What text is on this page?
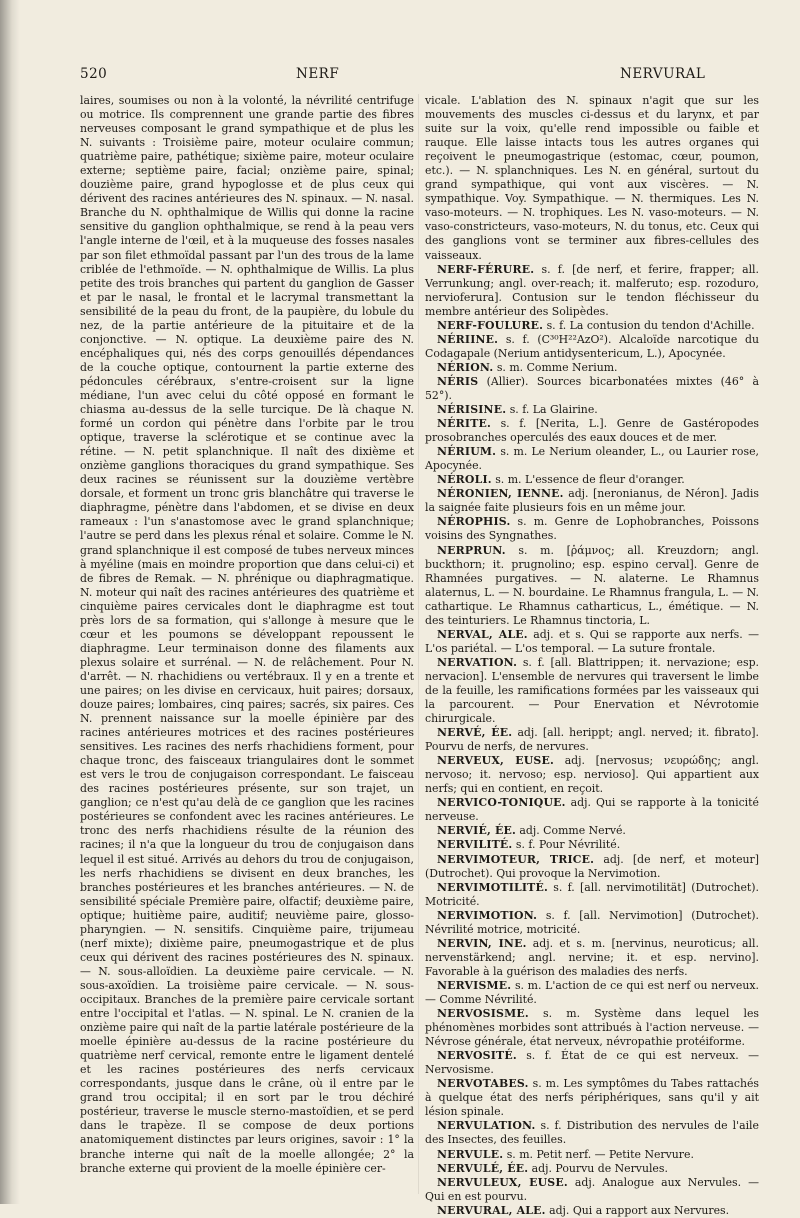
520	NERF	NERVURAL

laires, soumises ou non à la volonté, la névrilité centrifuge ou motrice. Ils comprennent une grande partie des fibres nerveuses composant le grand sympathique et de plus les N. suivants : Troisième paire, moteur oculaire commun; quatrième paire, pathétique; sixième paire, moteur oculaire externe; septième paire, facial; onzième paire, spinal; douzième paire, grand hypoglosse et de plus ceux qui dérivent des racines antérieures des N. spinaux. — N. nasal. Branche du N. ophthalmique de Willis qui donne la racine sensitive du ganglion ophthalmique, se rend à la peau vers l'angle interne de l'œil, et à la muqueuse des fosses nasales par son filet ethmoïdal passant par l'un des trous de la lame criblée de l'ethmoïde. — N. ophthalmique de Willis. La plus petite des trois branches qui partent du ganglion de Gasser et par le nasal, le frontal et le lacrymal transmettant la sensibilité de la peau du front, de la paupière, du lobule du nez, de la partie antérieure de la pituitaire et de la conjonctive. — N. optique. La deuxième paire des N. encéphaliques qui, nés des corps genouillés dépendances de la couche optique, contournent la partie externe des pédoncules cérébraux, s'entre-croisent sur la ligne médiane, l'un avec celui du côté opposé en formant le chiasma au-dessus de la selle turcique. De là chaque N. formé un cordon qui pénètre dans l'orbite par le trou optique, traverse la sclérotique et se continue avec la rétine. — N. petit splanchnique. Il naît des dixième et onzième ganglions thoraciques du grand sympathique. Ses deux racines se réunissent sur la douzième vertèbre dorsale, et forment un tronc gris blanchâtre qui traverse le diaphragme, pénètre dans l'abdomen, et se divise en deux rameaux : l'un s'anastomose avec le grand splanchnique; l'autre se perd dans les plexus rénal et solaire. Comme le N. grand splanchnique il est composé de tubes nerveux minces à myéline (mais en moindre proportion que dans celui-ci) et de fibres de Remak. — N. phrénique ou diaphragmatique. N. moteur qui naît des racines antérieures des quatrième et cinquième paires cervicales dont le diaphragme est tout près lors de sa formation, qui s'allonge à mesure que le cœur et les poumons se développant repoussent le diaphragme. Leur terminaison donne des filaments aux plexus solaire et surrénal. — N. de relâchement. Pour N. d'arrêt. — N. rhachidiens ou vertébraux. Il y en a trente et une paires; on les divise en cervicaux, huit paires; dorsaux, douze paires; lombaires, cinq paires; sacrés, six paires. Ces N. prennent naissance sur la moelle épinière par des racines antérieures motrices et des racines postérieures sensitives. Les racines des nerfs rhachidiens forment, pour chaque tronc, des faisceaux triangulaires dont le sommet est vers le trou de conjugaison correspondant. Le faisceau des racines postérieures présente, sur son trajet, un ganglion; ce n'est qu'au delà de ce ganglion que les racines postérieures se confondent avec les racines antérieures. Le tronc des nerfs rhachidiens résulte de la réunion des racines; il n'a que la longueur du trou de conjugaison dans lequel il est situé. Arrivés au dehors du trou de conjugaison, les nerfs rhachidiens se divisent en deux branches, les branches postérieures et les branches antérieures. — N. de sensibilité spéciale Première paire, olfactif; deuxième paire, optique; huitième paire, auditif; neuvième paire, glosso-pharyngien. — N. sensitifs. Cinquième paire, trijumeau (nerf mixte); dixième paire, pneumogastrique et de plus ceux qui dérivent des racines postérieures des N. spinaux. — N. sous-alloïdien. La deuxième paire cervicale. — N. sous-axoïdien. La troisième paire cervicale. — N. sous-occipitaux. Branches de la première paire cervicale sortant entre l'occipital et l'atlas. — N. spinal. Le N. cranien de la onzième paire qui naît de la partie latérale postérieure de la moelle épinière au-dessus de la racine postérieure du quatrième nerf cervical, remonte entre le ligament dentelé et les racines postérieures des nerfs cervicaux correspondants, jusque dans le crâne, où il entre par le grand trou occipital; il en sort par le trou déchiré postérieur, traverse le muscle sterno-mastoïdien, et se perd dans le trapèze. Il se compose de deux portions anatomiquement distinctes par leurs origines, savoir : 1° la branche interne qui naît de la moelle allongée; 2° la branche externe qui provient de la moelle épinière cer-

vicale. L'ablation des N. spinaux n'agit que sur les mouvements des muscles ci-dessus et du larynx, et par suite sur la voix, qu'elle rend impossible ou faible et rauque. Elle laisse intacts tous les autres organes qui reçoivent le pneumogastrique (estomac, cœur, poumon, etc.). — N. splanchniques. Les N. en général, surtout du grand sympathique, qui vont aux viscères. — N. sympathique. Voy. Sympathique. — N. thermiques. Les N. vaso-moteurs. — N. trophiques. Les N. vaso-moteurs. — N. vaso-constricteurs, vaso-moteurs, N. du tonus, etc. Ceux qui des ganglions vont se terminer aux fibres-cellules des vaisseaux.

NERF-FÉRURE. s. f. [de nerf, et ferire, frapper; all. Verrunkung; angl. over-reach; it. malferuto; esp. rozoduro, nervioferura]. Contusion sur le tendon fléchisseur du membre antérieur des Solipèdes.

NERF-FOULURE. s. f. La contusion du tendon d'Achille.

NÉRIINE. s. f. (C³⁰H²²AzO²). Alcaloïde narcotique du Codagapale (Nerium antidysentericum, L.), Apocynée.

NÉRION. s. m. Comme Nerium.

NÉRIS (Allier). Sources bicarbonatées mixtes (46° à 52°).

NÉRISINE. s. f. La Glairine.

NÉRITE. s. f. [Nerita, L.]. Genre de Gastéropodes prosobranches operculés des eaux douces et de mer.

NÉRIUM. s. m. Le Nerium oleander, L., ou Laurier rose, Apocynée.

NÉROLI. s. m. L'essence de fleur d'oranger.

NÉRONIEN, IENNE. adj. [neronianus, de Néron]. Jadis la saignée faite plusieurs fois en un même jour.

NÉROPHIS. s. m. Genre de Lophobranches, Poissons voisins des Syngnathes.

NERPRUN. s. m. [ῥάμνος; all. Kreuzdorn; angl. buckthorn; it. prugnolino; esp. espino cerval]. Genre de Rhamnées purgatives. — N. alaterne. Le Rhamnus alaternus, L. — N. bourdaine. Le Rhamnus frangula, L. — N. cathartique. Le Rhamnus catharticus, L., émétique. — N. des teinturiers. Le Rhamnus tinctoria, L.

NERVAL, ALE. adj. et s. Qui se rapporte aux nerfs. — L'os pariétal. — L'os temporal. — La suture frontale.

NERVATION. s. f. [all. Blattrippen; it. nervazione; esp. nervacion]. L'ensemble de nervures qui traversent le limbe de la feuille, les ramifications formées par les vaisseaux qui la parcourent. — Pour Enervation et Névrotomie chirurgicale.

NERVÉ, ÉE. adj. [all. herippt; angl. nerved; it. fibrato]. Pourvu de nerfs, de nervures.

NERVEUX, EUSE. adj. [nervosus; νευρώδης; angl. nervoso; it. nervoso; esp. nervioso]. Qui appartient aux nerfs; qui en contient, en reçoit.

NERVICO-TONIQUE. adj. Qui se rapporte à la tonicité nerveuse.

NERVIÉ, ÉE. adj. Comme Nervé.

NERVILITÉ. s. f. Pour Névrilité.

NERVIMOTEUR, TRICE. adj. [de nerf, et moteur] (Dutrochet). Qui provoque la Nervimotion.

NERVIMOTILITÉ. s. f. [all. nervimotilität] (Dutrochet). Motricité.

NERVIMOTION. s. f. [all. Nervimotion] (Dutrochet). Névrilité motrice, motricité.

NERVIN, INE. adj. et s. m. [nervinus, neuroticus; all. nervenstärkend; angl. nervine; it. et esp. nervino]. Favorable à la guérison des maladies des nerfs.

NERVISME. s. m. L'action de ce qui est nerf ou nerveux. — Comme Névrilité.

NERVOSISME. s. m. Système dans lequel les phénomènes morbides sont attribués à l'action nerveuse. — Névrose générale, état nerveux, névropathie protéiforme.

NERVOSITÉ. s. f. État de ce qui est nerveux. — Nervosisme.

NERVOTABES. s. m. Les symptômes du Tabes rattachés à quelque état des nerfs périphériques, sans qu'il y ait lésion spinale.

NERVULATION. s. f. Distribution des nervules de l'aile des Insectes, des feuilles.

NERVULE. s. m. Petit nerf. — Petite Nervure.

NERVULÉ, ÉE. adj. Pourvu de Nervules.

NERVULEUX, EUSE. adj. Analogue aux Nervules. — Qui en est pourvu.

NERVURAL, ALE. adj. Qui a rapport aux Nervures.
